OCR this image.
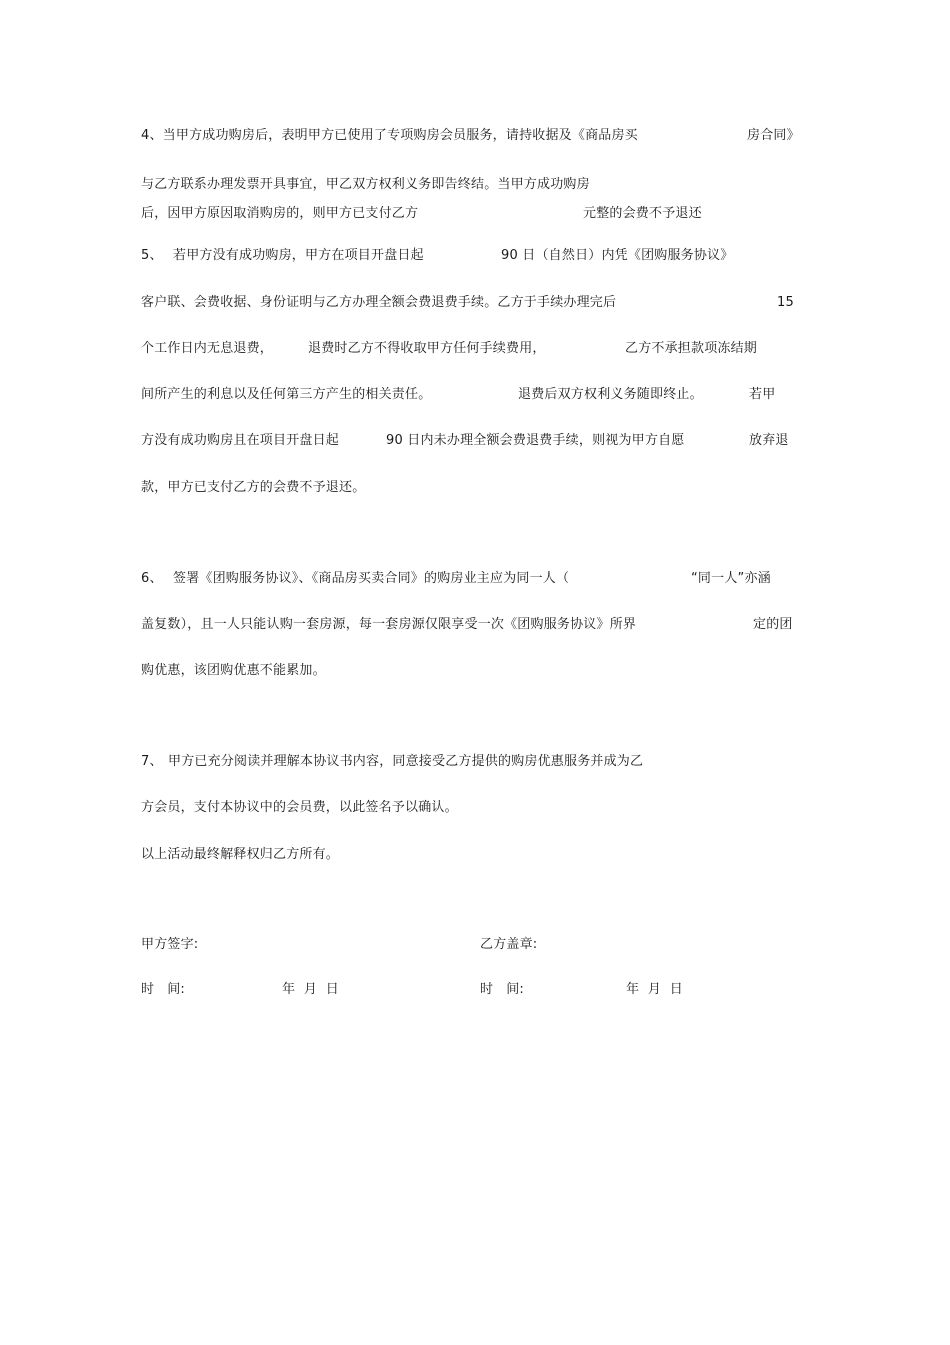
4、当甲方成功购房后，表明甲方已使用了专项购房会员服务，请持收据及《商品房买	房合同》
与乙方联系办理发票开具事宜，甲乙双方权利义务即告终结。当甲方成功购房
后，因甲方原因取消购房的，则甲方已支付乙方	元整的会费不予退还
5、 若甲方没有成功购房，甲方在项目开盘日起	90 日（自然日）内凭《团购服务协议》
客户联、会费收据、身份证明与乙方办理全额会费退费手续。乙方于手续办理完后	15
个工作日内无息退费，	退费时乙方不得收取甲方任何手续费用，	乙方不承担款项冻结期
间所产生的利息以及任何第三方产生的相关责任。	退费后双方权利义务随即终止。	若甲
方没有成功购房且在项目开盘日起	90 日内未办理全额会费退费手续，则视为甲方自愿	放弃退
款，甲方已支付乙方的会费不予退还。
6、 签署《团购服务协议》、《商品房买卖合同》的购房业主应为同一人（	“同一人”亦涵
盖复数），且一人只能认购一套房源，每一套房源仅限享受一次《团购服务协议》所界	定的团
购优惠，该团购优惠不能累加。
7、 甲方已充分阅读并理解本协议书内容，同意接受乙方提供的购房优惠服务并成为乙
方会员，支付本协议中的会员费，以此签名予以确认。
以上活动最终解释权归乙方所有。
甲方签字:	乙方盖章:
时   间:	年  月  日	时   间:	年  月  日
